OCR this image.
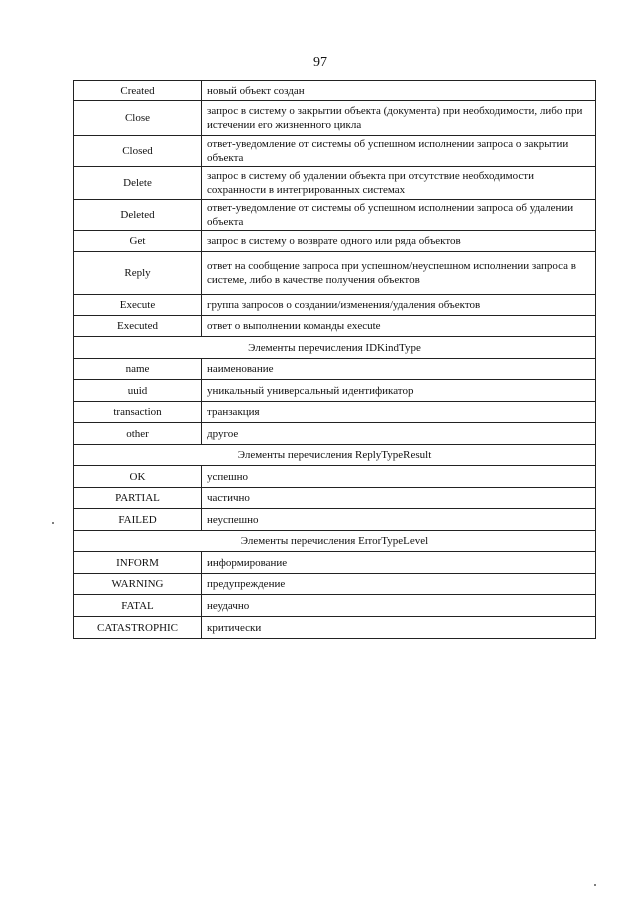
97
Created	новый объект создан
Close	запрос в систему о закрытии объекта (документа) при необходимости, либо при истечении его жизненного цикла
Closed	ответ-уведомление от системы об успешном исполнении запроса о закрытии объекта
Delete	запрос в систему об удалении объекта при отсутствие необходимости сохранности в интегрированных системах
Deleted	ответ-уведомление от системы об успешном исполнении запроса об удалении объекта
Get	запрос в систему о возврате одного или ряда объектов
Reply	ответ на сообщение запроса при успешном/неуспешном исполнении запроса в системе, либо в качестве получения объектов
Execute	группа запросов о создании/изменения/удаления объектов
Executed	ответ о выполнении команды execute
Элементы перечисления IDKindType	
name	наименование
uuid	уникальный универсальный идентификатор
transaction	транзакция
other	другое
Элементы перечисления ReplyTypeResult	
OK	успешно
PARTIAL	частично
FAILED	неуспешно
Элементы перечисления ErrorTypeLevel	
INFORM	информирование
WARNING	предупреждение
FATAL	неудачно
CATASTROPHIC	критически
